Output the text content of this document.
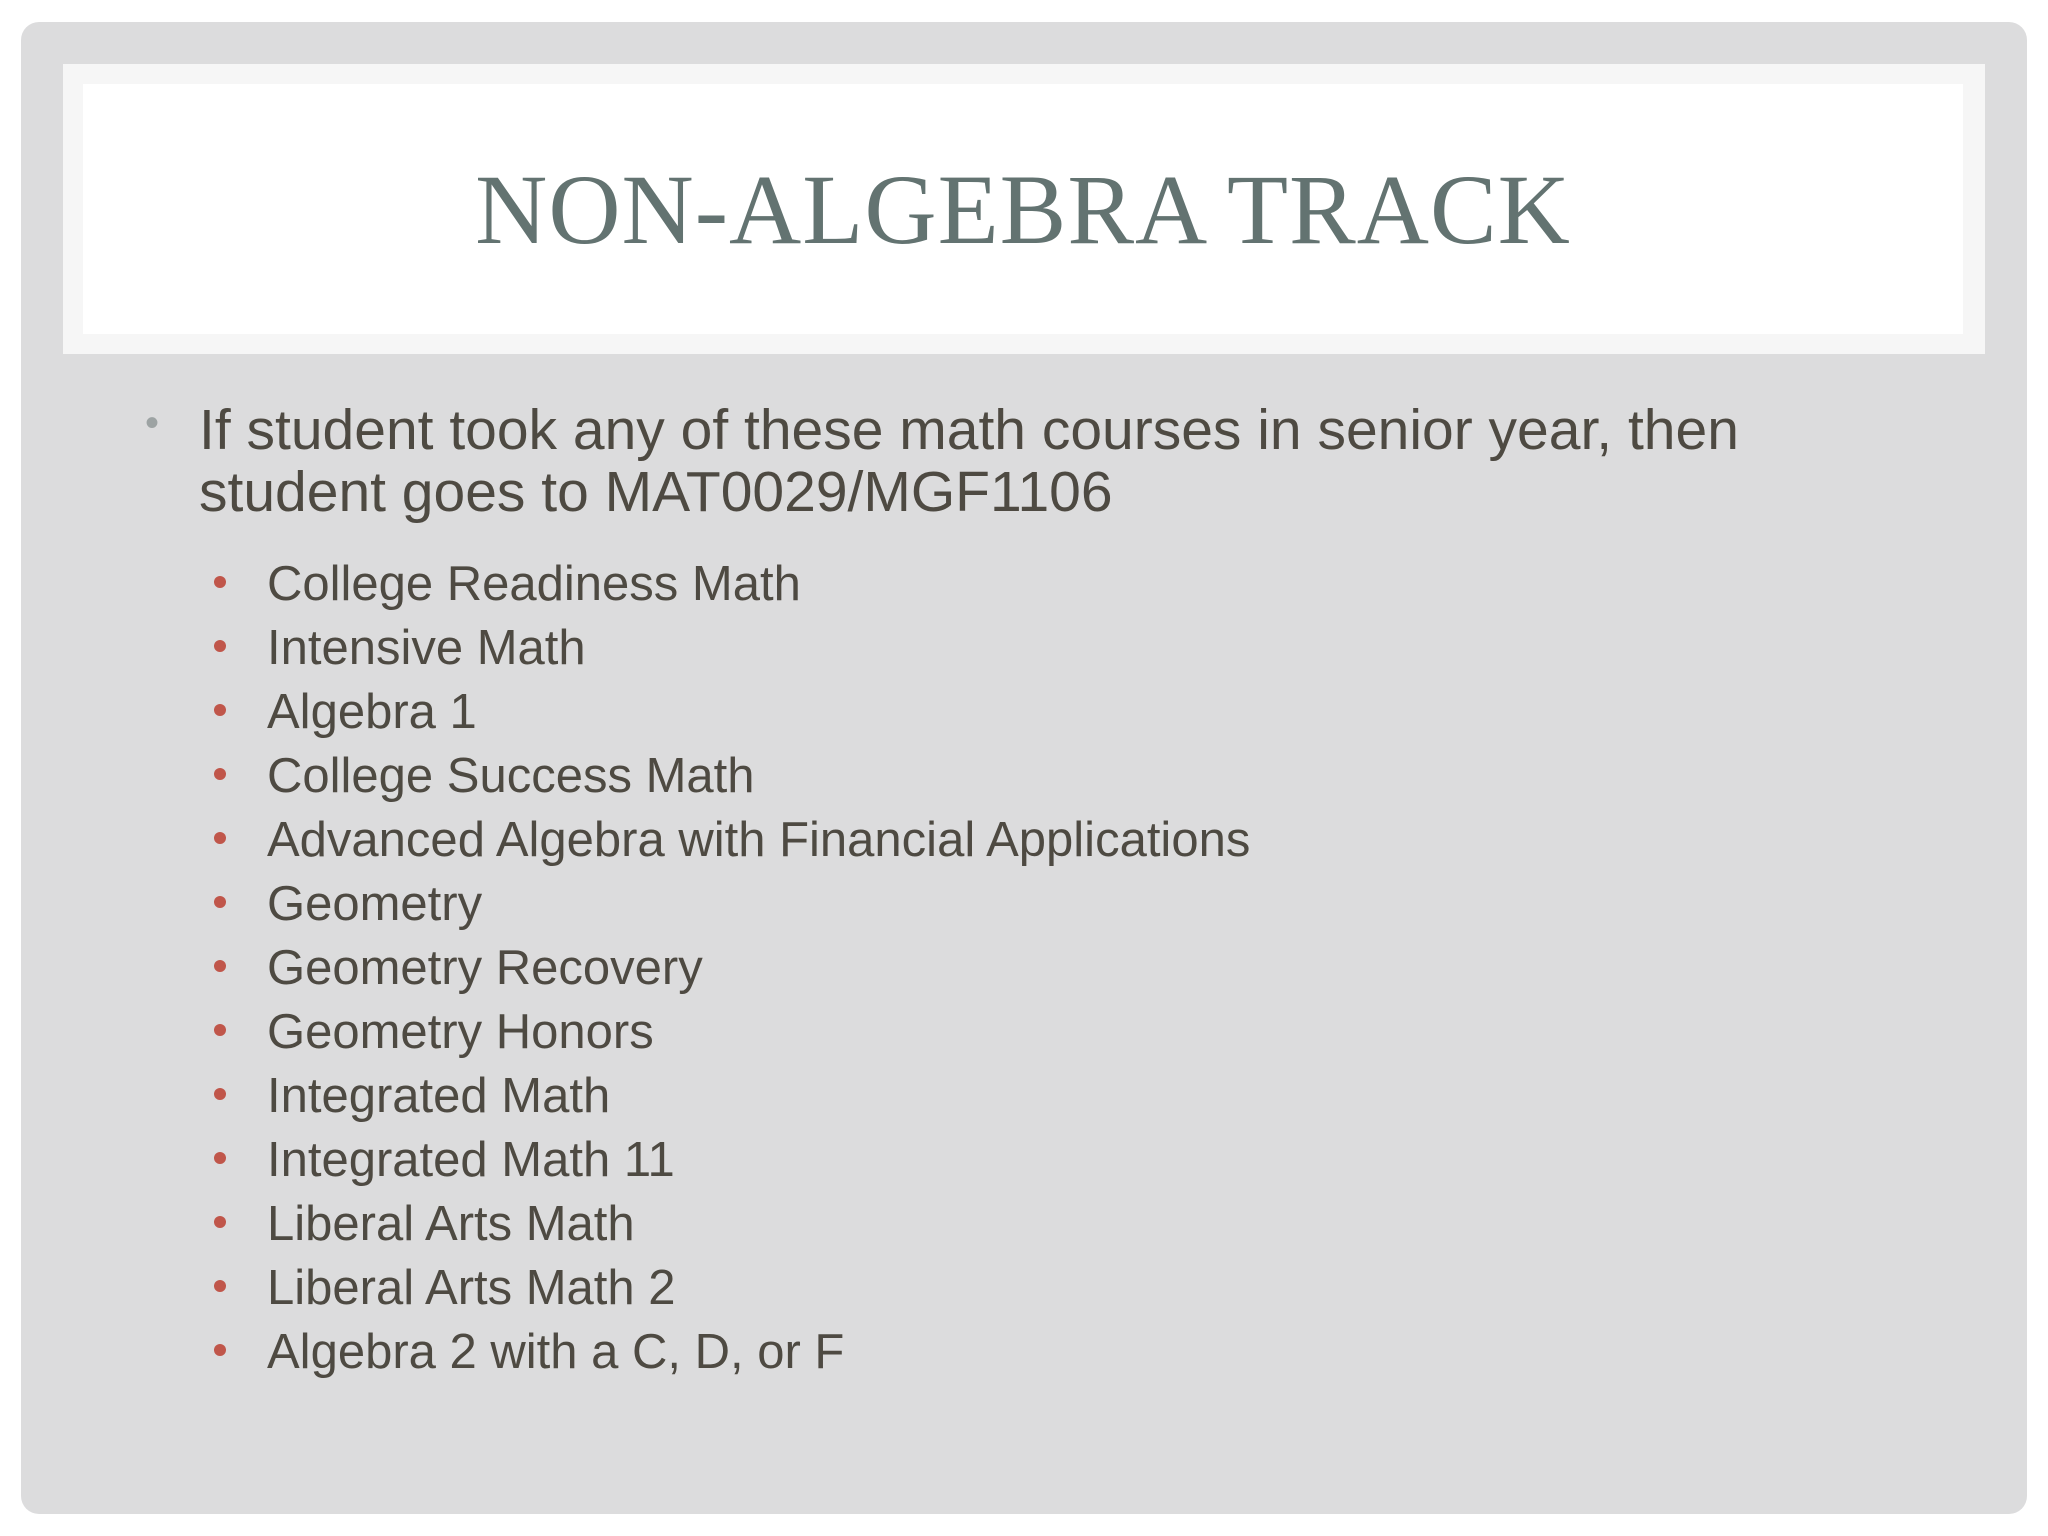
NON-ALGEBRA TRACK
• If student took any of these math courses in senior year, then
student goes to MAT0029/MGF1106
College Readiness Math
Intensive Math
Algebra 1
College Success Math
Advanced Algebra with Financial Applications
Geometry
Geometry Recovery
Geometry Honors
Integrated Math
Integrated Math 11
Liberal Arts Math
Liberal Arts Math 2
Algebra 2 with a C, D, or F
